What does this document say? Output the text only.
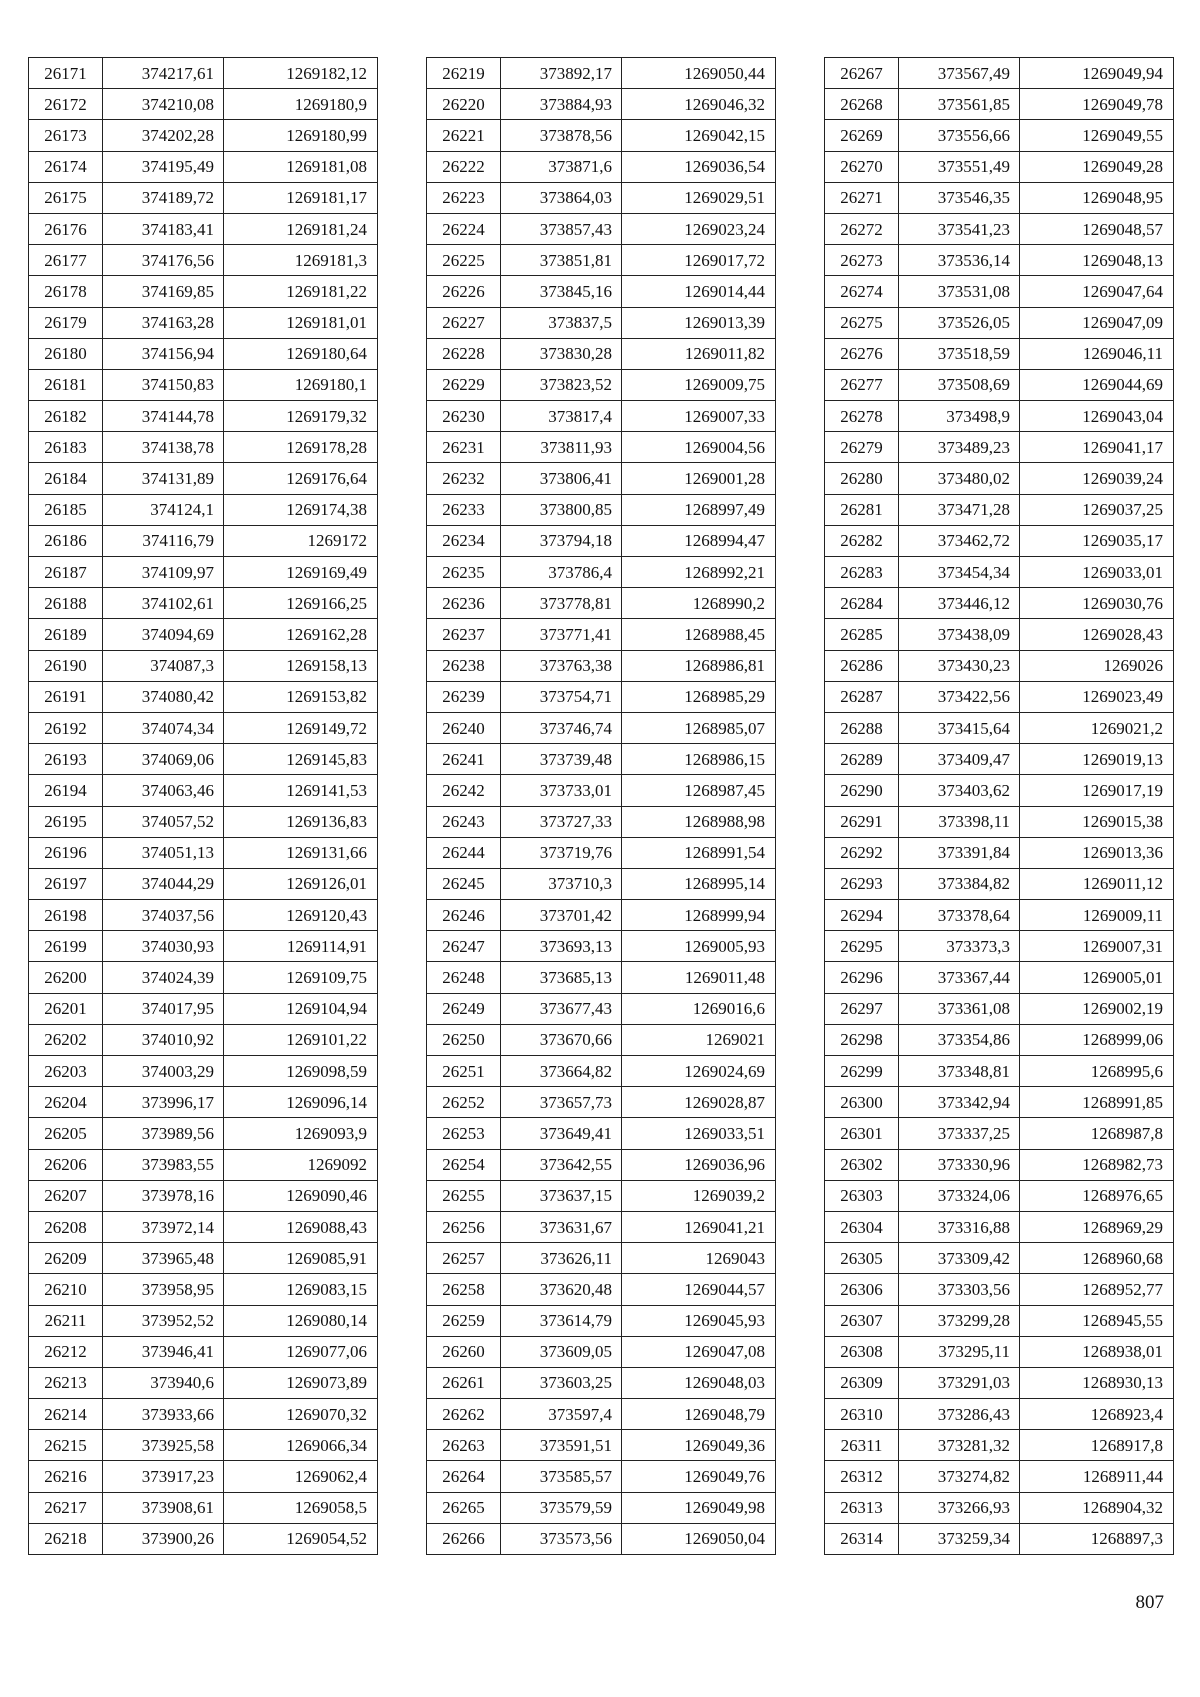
26171	374217,61	1269182,12
26172	374210,08	1269180,9
26173	374202,28	1269180,99
26174	374195,49	1269181,08
26175	374189,72	1269181,17
26176	374183,41	1269181,24
26177	374176,56	1269181,3
26178	374169,85	1269181,22
26179	374163,28	1269181,01
26180	374156,94	1269180,64
26181	374150,83	1269180,1
26182	374144,78	1269179,32
26183	374138,78	1269178,28
26184	374131,89	1269176,64
26185	374124,1	1269174,38
26186	374116,79	1269172
26187	374109,97	1269169,49
26188	374102,61	1269166,25
26189	374094,69	1269162,28
26190	374087,3	1269158,13
26191	374080,42	1269153,82
26192	374074,34	1269149,72
26193	374069,06	1269145,83
26194	374063,46	1269141,53
26195	374057,52	1269136,83
26196	374051,13	1269131,66
26197	374044,29	1269126,01
26198	374037,56	1269120,43
26199	374030,93	1269114,91
26200	374024,39	1269109,75
26201	374017,95	1269104,94
26202	374010,92	1269101,22
26203	374003,29	1269098,59
26204	373996,17	1269096,14
26205	373989,56	1269093,9
26206	373983,55	1269092
26207	373978,16	1269090,46
26208	373972,14	1269088,43
26209	373965,48	1269085,91
26210	373958,95	1269083,15
26211	373952,52	1269080,14
26212	373946,41	1269077,06
26213	373940,6	1269073,89
26214	373933,66	1269070,32
26215	373925,58	1269066,34
26216	373917,23	1269062,4
26217	373908,61	1269058,5
26218	373900,26	1269054,52
26219	373892,17	1269050,44
26220	373884,93	1269046,32
26221	373878,56	1269042,15
26222	373871,6	1269036,54
26223	373864,03	1269029,51
26224	373857,43	1269023,24
26225	373851,81	1269017,72
26226	373845,16	1269014,44
26227	373837,5	1269013,39
26228	373830,28	1269011,82
26229	373823,52	1269009,75
26230	373817,4	1269007,33
26231	373811,93	1269004,56
26232	373806,41	1269001,28
26233	373800,85	1268997,49
26234	373794,18	1268994,47
26235	373786,4	1268992,21
26236	373778,81	1268990,2
26237	373771,41	1268988,45
26238	373763,38	1268986,81
26239	373754,71	1268985,29
26240	373746,74	1268985,07
26241	373739,48	1268986,15
26242	373733,01	1268987,45
26243	373727,33	1268988,98
26244	373719,76	1268991,54
26245	373710,3	1268995,14
26246	373701,42	1268999,94
26247	373693,13	1269005,93
26248	373685,13	1269011,48
26249	373677,43	1269016,6
26250	373670,66	1269021
26251	373664,82	1269024,69
26252	373657,73	1269028,87
26253	373649,41	1269033,51
26254	373642,55	1269036,96
26255	373637,15	1269039,2
26256	373631,67	1269041,21
26257	373626,11	1269043
26258	373620,48	1269044,57
26259	373614,79	1269045,93
26260	373609,05	1269047,08
26261	373603,25	1269048,03
26262	373597,4	1269048,79
26263	373591,51	1269049,36
26264	373585,57	1269049,76
26265	373579,59	1269049,98
26266	373573,56	1269050,04
26267	373567,49	1269049,94
26268	373561,85	1269049,78
26269	373556,66	1269049,55
26270	373551,49	1269049,28
26271	373546,35	1269048,95
26272	373541,23	1269048,57
26273	373536,14	1269048,13
26274	373531,08	1269047,64
26275	373526,05	1269047,09
26276	373518,59	1269046,11
26277	373508,69	1269044,69
26278	373498,9	1269043,04
26279	373489,23	1269041,17
26280	373480,02	1269039,24
26281	373471,28	1269037,25
26282	373462,72	1269035,17
26283	373454,34	1269033,01
26284	373446,12	1269030,76
26285	373438,09	1269028,43
26286	373430,23	1269026
26287	373422,56	1269023,49
26288	373415,64	1269021,2
26289	373409,47	1269019,13
26290	373403,62	1269017,19
26291	373398,11	1269015,38
26292	373391,84	1269013,36
26293	373384,82	1269011,12
26294	373378,64	1269009,11
26295	373373,3	1269007,31
26296	373367,44	1269005,01
26297	373361,08	1269002,19
26298	373354,86	1268999,06
26299	373348,81	1268995,6
26300	373342,94	1268991,85
26301	373337,25	1268987,8
26302	373330,96	1268982,73
26303	373324,06	1268976,65
26304	373316,88	1268969,29
26305	373309,42	1268960,68
26306	373303,56	1268952,77
26307	373299,28	1268945,55
26308	373295,11	1268938,01
26309	373291,03	1268930,13
26310	373286,43	1268923,4
26311	373281,32	1268917,8
26312	373274,82	1268911,44
26313	373266,93	1268904,32
26314	373259,34	1268897,3
807
